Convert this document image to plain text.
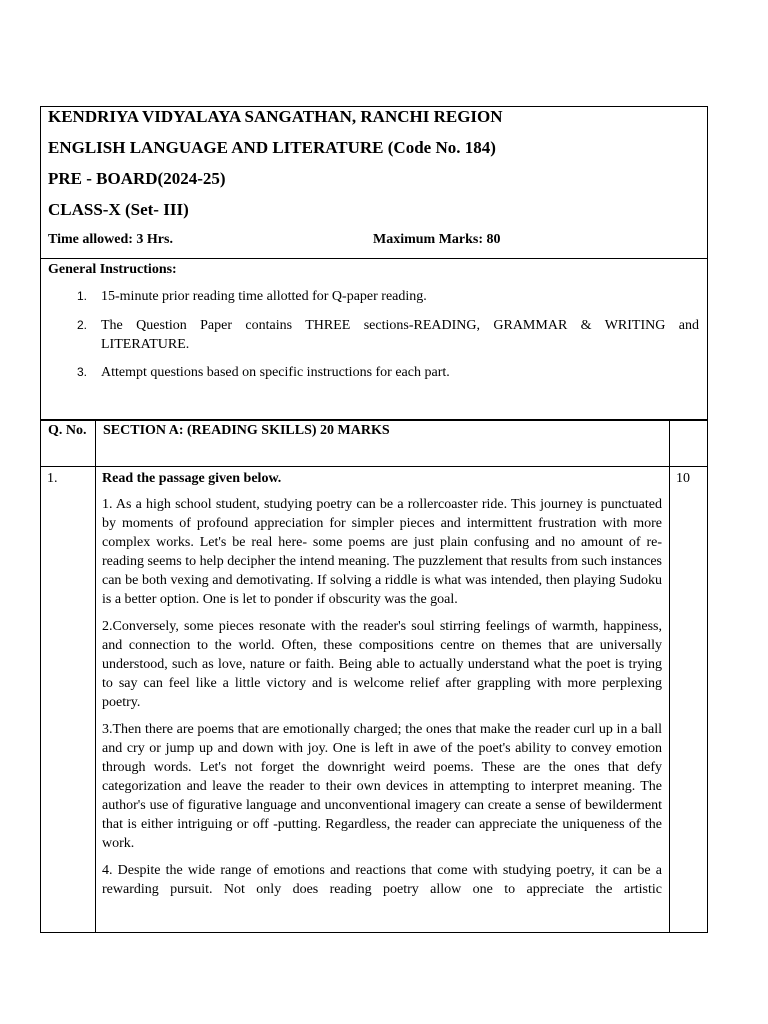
KENDRIYA VIDYALAYA SANGATHAN, RANCHI REGION
ENGLISH LANGUAGE AND LITERATURE (Code No. 184)
PRE - BOARD(2024-25)
CLASS-X (Set- III)
Time allowed: 3 Hrs.	Maximum Marks: 80
General Instructions:
1. 15-minute prior reading time allotted for Q-paper reading.
2. The Question Paper contains THREE sections-READING, GRAMMAR & WRITING and LITERATURE.
3. Attempt questions based on specific instructions for each part.
Q. No.	SECTION A: (READING SKILLS) 20 MARKS	

1.	Read the passage given below.

1. As a high school student, studying poetry can be a rollercoaster ride. This journey is punctuated by moments of profound appreciation for simpler pieces and intermittent frustration with more complex works. Let's be real here- some poems are just plain confusing and no amount of re-reading seems to help decipher the intend meaning. The puzzlement that results from such instances can be both vexing and demotivating. If solving a riddle is what was intended, then playing Sudoku is a better option. One is let to ponder if obscurity was the goal.

2.Conversely, some pieces resonate with the reader's soul stirring feelings of warmth, happiness, and connection to the world. Often, these compositions centre on themes that are universally understood, such as love, nature or faith. Being able to actually understand what the poet is trying to say can feel like a little victory and is welcome relief after grappling with more perplexing poetry.

3.Then there are poems that are emotionally charged; the ones that make the reader curl up in a ball and cry or jump up and down with joy. One is left in awe of the poet's ability to convey emotion through words. Let's not forget the downright weird poems. These are the ones that defy categorization and leave the reader to their own devices in attempting to interpret meaning. The author's use of figurative language and unconventional imagery can create a sense of bewilderment that is either intriguing or off -putting. Regardless, the reader can appreciate the uniqueness of the work.

4. Despite the wide range of emotions and reactions that come with studying poetry, it can be a rewarding pursuit. Not only does reading poetry allow one to appreciate the artistic	10
